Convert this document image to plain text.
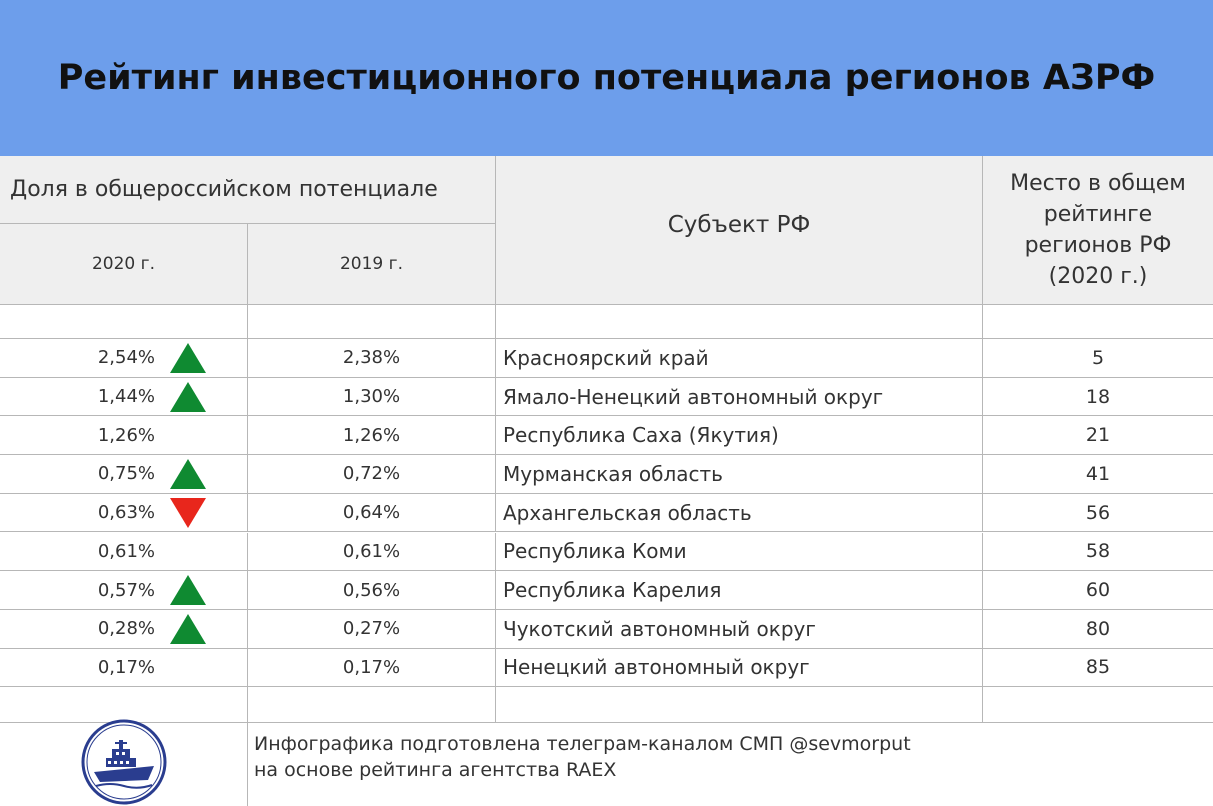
Рейтинг инвестиционного потенциала регионов АЗРФ
Доля в общероссийском потенциале
2020 г.	2019 г.
Субъект РФ
Место в общем
рейтинге
регионов РФ
(2020 г.)
2,54%	2,38%	Красноярский край	5
1,44%	1,30%	Ямало-Ненецкий автономный округ	18
1,26%	1,26%	Республика Саха (Якутия)	21
0,75%	0,72%	Мурманская область	41
0,63%	0,64%	Архангельская область	56
0,61%	0,61%	Республика Коми	58
0,57%	0,56%	Республика Карелия	60
0,28%	0,27%	Чукотский автономный округ	80
0,17%	0,17%	Ненецкий автономный округ	85
Инфографика подготовлена телеграм-каналом СМП @sevmorput
на основе рейтинга агентства RAEX
